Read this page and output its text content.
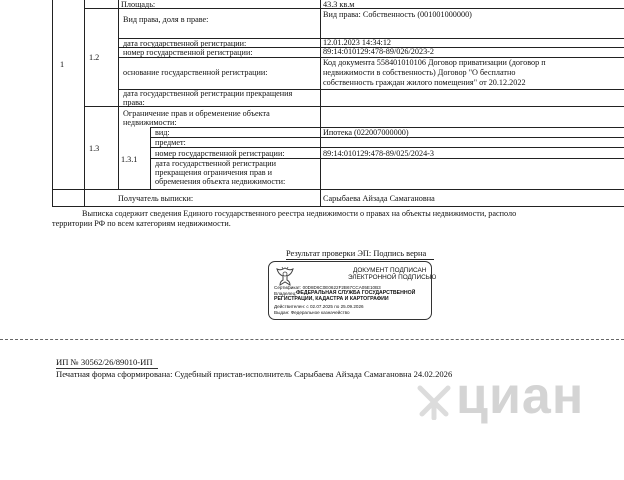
1
Площадь:	43.3 кв.м
1.2
Вид права, доля в праве:
Вид права: Собственность (001001000000)
дата государственной регистрации:	12.01.2023 14:34:12
номер государственной регистрации:	89:14:010129:478-89/026/2023-2
основание государственной регистрации:
Код документа 558401010106 Договор приватизации (договор п
недвижимости в собственность) Договор "О бесплатно
собственность граждан жилого помещения" от 20.12.2022
дата государственной регистрации прекращения
права:
1.3
Ограничение прав и обременение объекта
недвижимости:
1.3.1
вид:	Ипотека (022007000000)
предмет:
номер государственной регистрации:	89:14:010129:478-89/025/2024-3
дата государственной регистрации
прекращения ограничения прав и
обременения объекта недвижимости:
Получатель выписки:	Сарыбаева Айзада Самагановна
Выписка содержит сведения Единого государственного реестра недвижимости о правах на объекты недвижимости, располо
территории РФ по всем категориям недвижимости.
Результат проверки ЭП: Подпись верна
ДОКУМЕНТ ПОДПИСАН
ЭЛЕКТРОННОЙ ПОДПИСЬЮ
Сертификат: 00D8D6C0E0622F2B67CCA05E10B3
Владелец: ФЕДЕРАЛЬНАЯ СЛУЖБА ГОСУДАРСТВЕННОЙ
РЕГИСТРАЦИИ, КАДАСТРА И КАРТОГРАФИИ
Действителен: с 02.07.2025 по 25.09.2026
Выдан: Федеральное казначейство
ИП № 30562/26/89010-ИП
Печатная форма сформирована: Судебный пристав-исполнитель Сарыбаева Айзада Самагановна 24.02.2026 циан
